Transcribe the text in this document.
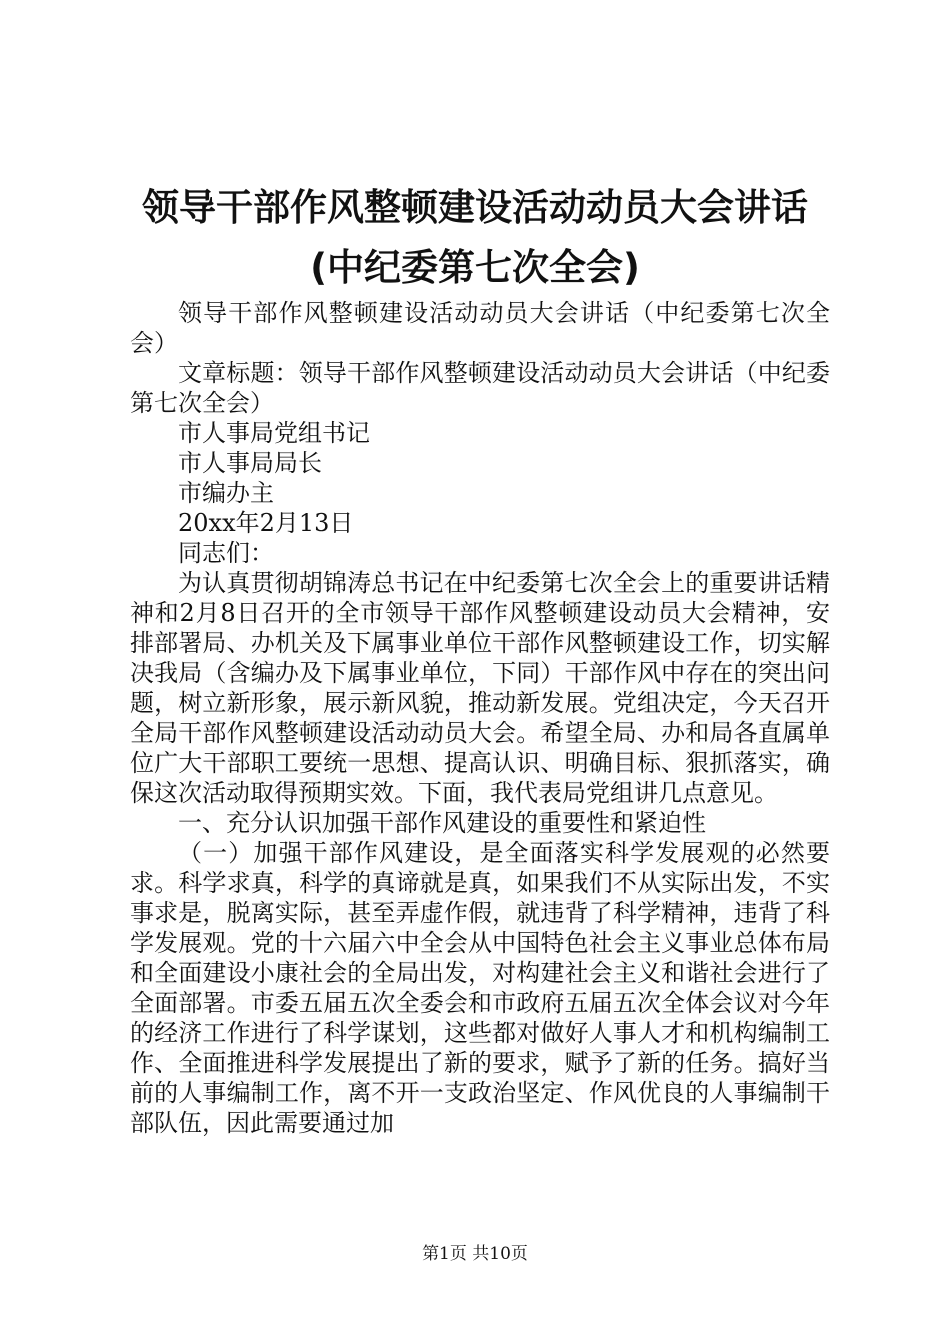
领导干部作风整顿建设活动动员大会讲话(中纪委第七次全会)

领导干部作风整顿建设活动动员大会讲话（中纪委第七次全会）

文章标题：领导干部作风整顿建设活动动员大会讲话（中纪委第七次全会）

市人事局党组书记

市人事局局长

市编办主

20xx年2月13日

同志们：

为认真贯彻胡锦涛总书记在中纪委第七次全会上的重要讲话精神和2月8日召开的全市领导干部作风整顿建设动员大会精神，安排部署局、办机关及下属事业单位干部作风整顿建设工作，切实解决我局（含编办及下属事业单位，下同）干部作风中存在的突出问题，树立新形象，展示新风貌，推动新发展。党组决定，今天召开全局干部作风整顿建设活动动员大会。希望全局、办和局各直属单位广大干部职工要统一思想、提高认识、明确目标、狠抓落实，确保这次活动取得预期实效。下面，我代表局党组讲几点意见。

一、充分认识加强干部作风建设的重要性和紧迫性

（一）加强干部作风建设，是全面落实科学发展观的必然要求。科学求真，科学的真谛就是真，如果我们不从实际出发，不实事求是，脱离实际，甚至弄虚作假，就违背了科学精神，违背了科学发展观。党的十六届六中全会从中国特色社会主义事业总体布局和全面建设小康社会的全局出发，对构建社会主义和谐社会进行了全面部署。市委五届五次全委会和市政府五届五次全体会议对今年的经济工作进行了科学谋划，这些都对做好人事人才和机构编制工作、全面推进科学发展提出了新的要求，赋予了新的任务。搞好当前的人事编制工作，离不开一支政治坚定、作风优良的人事编制干部队伍，因此需要通过加

第1页 共10页
